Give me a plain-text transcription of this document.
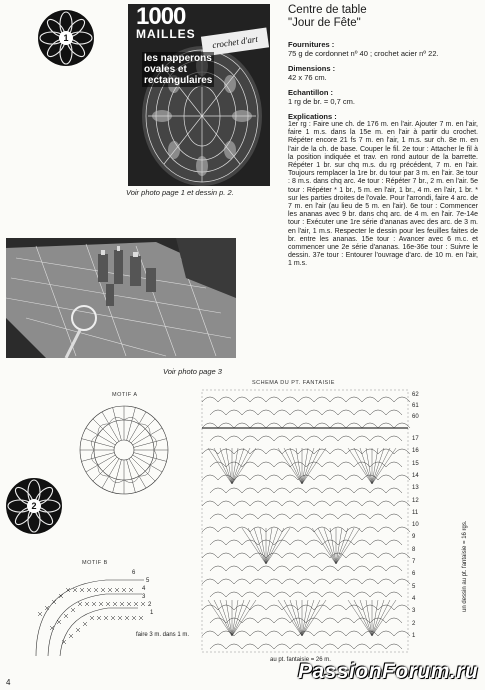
1
1000
MAILLES	crochet d'art
les napperons
ovales et
rectangulaires
Voir photo page 1 et dessin p. 2.
Centre de table
"Jour de Fête"
Fournitures :
75 g de cordonnet nº 40 ; crochet acier nº 22.
Dimensions :
42 x 76 cm.
Echantillon :
1 rg de br. = 0,7 cm.
Explications :
1er rg : Faire une ch. de 176 m. en l'air. Ajouter 7 m. en l'air, faire 1 m.s. dans la 15e m. en l'air à partir du crochet. Répéter encore 21 fs 7 m. en l'air, 1 m.s. sur ch. 8e m. en l'air de la ch. de base. Couper le fil. 2e tour : Attacher le fil à la position indiquée et trav. en rond autour de la barrette. Répéter 1 br. sur chq m.s. du rg précédent, 7 m. en l'air. Toujours remplacer la 1re br. du tour par 3 m. en l'air. 3e tour : 8 m.s. dans chq arc. 4e tour : Répéter 7 br., 2 m. en l'air. 5e tour : Répéter * 1 br., 5 m. en l'air, 1 br., 4 m. en l'air, 1 br. * sur les parties droites de l'ovale. Pour l'arrondi, faire 4 arc. de 7 m. en l'air (au lieu de 5 m. en l'air). 6e tour : Commencer les ananas avec 9 br. dans chq arc. de 4 m. en l'air. 7e-14e tour : Exécuter une 1re série d'ananas avec des arc. de 3 m. en l'air, 1 m.s. Respecter le dessin pour les feuilles faites de br. entre les ananas. 15e tour : Avancer avec 6 m.c. et commencer une 2e série d'ananas. 16e-36e tour : Suivre le dessin. 37e tour : Entourer l'ouvrage d'arc. de 10 m. en l'air, 1 m.s.
Voir photo page 3
2
MOTIF A
MOTIF B
6
5
4
3
2
1
faire 3 m. dans 1 m.
SCHEMA DU PT. FANTAISIE
62
61
60
17
16
15
14
13
12
11
10
9
8
7
6
5
4
3
2
1
un dessin au pt. fantaisie = 16 rgs.
au pt. fantaisie = 26 m.
4	PassionForum.ru
